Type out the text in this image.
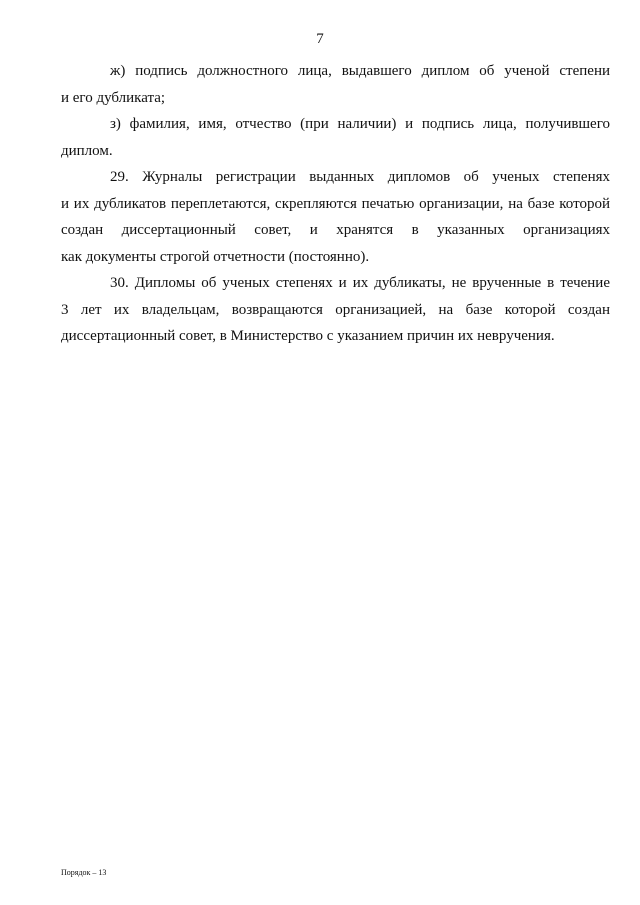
7

ж) подпись должностного лица, выдавшего диплом об ученой степени
и его дубликата;

з) фамилия, имя, отчество (при наличии) и подпись лица, получившего
диплом.

29. Журналы регистрации выданных дипломов об ученых степенях
и их дубликатов переплетаются, скрепляются печатью организации, на базе которой
создан диссертационный совет, и хранятся в указанных организациях
как документы строгой отчетности (постоянно).

30. Дипломы об ученых степенях и их дубликаты, не врученные в течение
3 лет их владельцам, возвращаются организацией, на базе которой создан
диссертационный совет, в Министерство с указанием причин их невручения.

Порядок – 13
